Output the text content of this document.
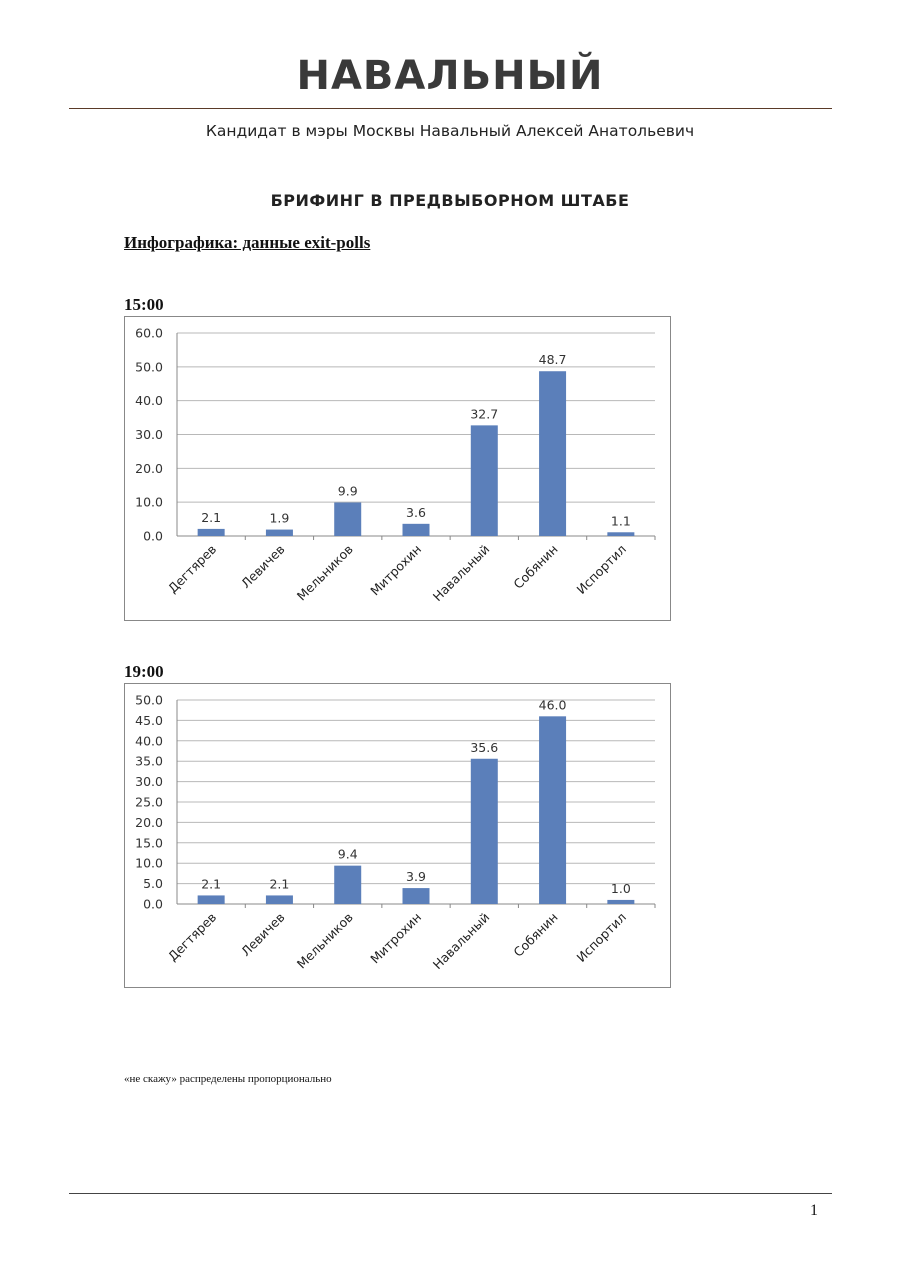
НАВАЛЬНЫЙ
Кандидат в мэры Москвы Навальный Алексей Анатольевич
БРИФИНГ В ПРЕДВЫБОРНОМ ШТАБЕ
Инфографика: данные exit-polls
15:00
0.0
10.0
20.0
30.0
40.0
50.0
60.0
2.1
Дегтярев
1.9
Левичев
9.9
Мельников
3.6
Митрохин
32.7
Навальный
48.7
Собянин
1.1
Испортил
19:00
0.0
5.0
10.0
15.0
20.0
25.0
30.0
35.0
40.0
45.0
50.0
2.1
Дегтярев
2.1
Левичев
9.4
Мельников
3.9
Митрохин
35.6
Навальный
46.0
Собянин
1.0
Испортил
«не скажу» распределены пропорционально
1
